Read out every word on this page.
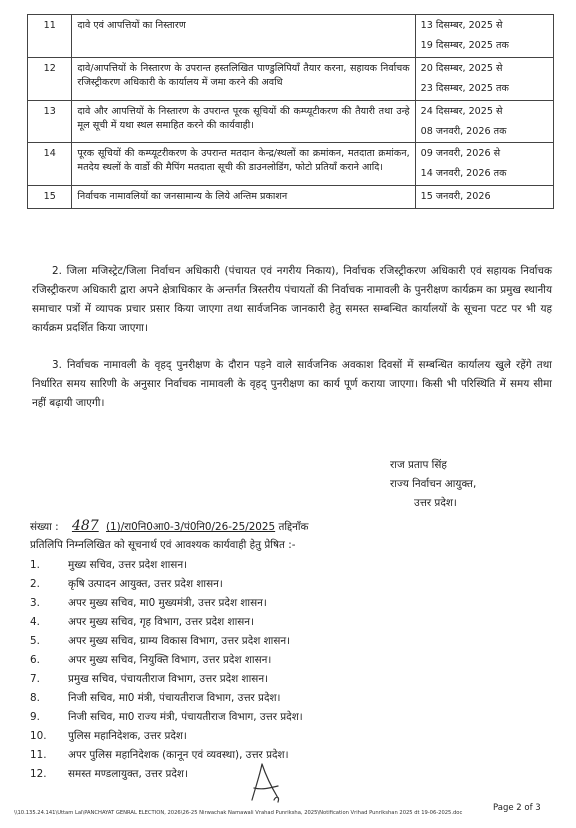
11	दावे एवं आपत्तियों का निस्तारण	13 दिसम्बर, 2025 से
19 दिसम्बर, 2025 तक

12	दावे/आपत्तियों के निस्तारण के उपरान्त हस्तलिखित पाण्डुलिपियाँ तैयार करना, सहायक निर्वाचक रजिस्ट्रीकरण अधिकारी के कार्यालय में जमा करने की अवधि	20 दिसम्बर, 2025 से
23 दिसम्बर, 2025 तक

13	दावे और आपत्तियों के निस्तारण के उपरान्त पूरक सूचियों की कम्प्यूटीकरण की तैयारी तथा उन्हे मूल सूची में यथा स्थल समाहित करने की कार्यवाही।	24 दिसम्बर, 2025 से
08 जनवरी, 2026 तक

14	पूरक सूचियों की कम्प्यूटरीकरण के उपरान्त मतदान केन्द्र/स्थलों का क्रमांकन, मतदाता क्रमांकन, मतदेय स्थलों के वार्डो की मैपिंग मतदाता सूची की डाउनलोडिंग, फोटो प्रतियाँ कराने आदि।	09 जनवरी, 2026 से
14 जनवरी, 2026 तक

15	निर्वाचक नामावलियों का जनसामान्य के लिये अन्तिम प्रकाशन	15 जनवरी, 2026

2. जिला मजिस्ट्रेट/जिला निर्वाचन अधिकारी (पंचायत एवं नगरीय निकाय), निर्वाचक रजिस्ट्रीकरण अधिकारी एवं सहायक निर्वाचक रजिस्ट्रीकरण अधिकारी द्वारा अपने क्षेत्राधिकार के अन्तर्गत त्रिस्तरीय पंचायतों की निर्वाचक नामावली के पुनरीक्षण कार्यक्रम का प्रमुख स्थानीय समाचार पत्रों में व्यापक प्रचार प्रसार किया जाएगा तथा सार्वजनिक जानकारी हेतु समस्त सम्बन्धित कार्यालयों के सूचना पटट पर भी यह कार्यक्रम प्रदर्शित किया जाएगा।

3. निर्वाचक नामावली के वृहद् पुनरीक्षण के दौरान पड़ने वाले सार्वजनिक अवकाश दिवसों में सम्बन्धित कार्यालय खुले रहेंगे तथा निर्धारित समय सारिणी के अनुसार निर्वाचक नामावली के वृहद् पुनरीक्षण का कार्य पूर्ण कराया जाएगा। किसी भी परिस्थिति में समय सीमा नहीं बढ़ायी जाएगी।

राज प्रताप सिंह
राज्य निर्वाचन आयुक्त,
उत्तर प्रदेश।
संख्या : 487 (1)/रा0नि0आ0-3/पं0नि0/26-25/2025 तद्दिनॉंक
प्रतिलिपि निम्नलिखित को सूचनार्थ एवं आवश्यक कार्यवाही हेतु प्रेषित :-
1.	मुख्य सचिव, उत्तर प्रदेश शासन।
2.	कृषि उत्पादन आयुक्त, उत्तर प्रदेश शासन।
3.	अपर मुख्य सचिव, मा0 मुख्यमंत्री, उत्तर प्रदेश शासन।
4.	अपर मुख्य सचिव, गृह विभाग, उत्तर प्रदेश शासन।
5.	अपर मुख्य सचिव, ग्राम्य विकास विभाग, उत्तर प्रदेश शासन।
6.	अपर मुख्य सचिव, नियुक्ति विभाग, उत्तर प्रदेश शासन।
7.	प्रमुख सचिव, पंचायतीराज विभाग, उत्तर प्रदेश शासन।
8.	निजी सचिव, मा0 मंत्री, पंचायतीराज विभाग, उत्तर प्रदेश।
9.	निजी सचिव, मा0 राज्य मंत्री, पंचायतीराज विभाग, उत्तर प्रदेश।
10. पुलिस महानिदेशक, उत्तर प्रदेश।
11. अपर पुलिस महानिदेशक (कानून एवं व्यवस्था), उत्तर प्रदेश।
12. समस्त मण्डलायुक्त, उत्तर प्रदेश।
\\10.135.24.141\Uttam Lal\PANCHAYAT GENRAL ELECTION, 2026\26-25 Nirwachak Namawali Vrahad Punriksha, 2025\Notification Vrihad Punrikshan 2025 dt 19-06-2025.doc	Page 2 of 3
